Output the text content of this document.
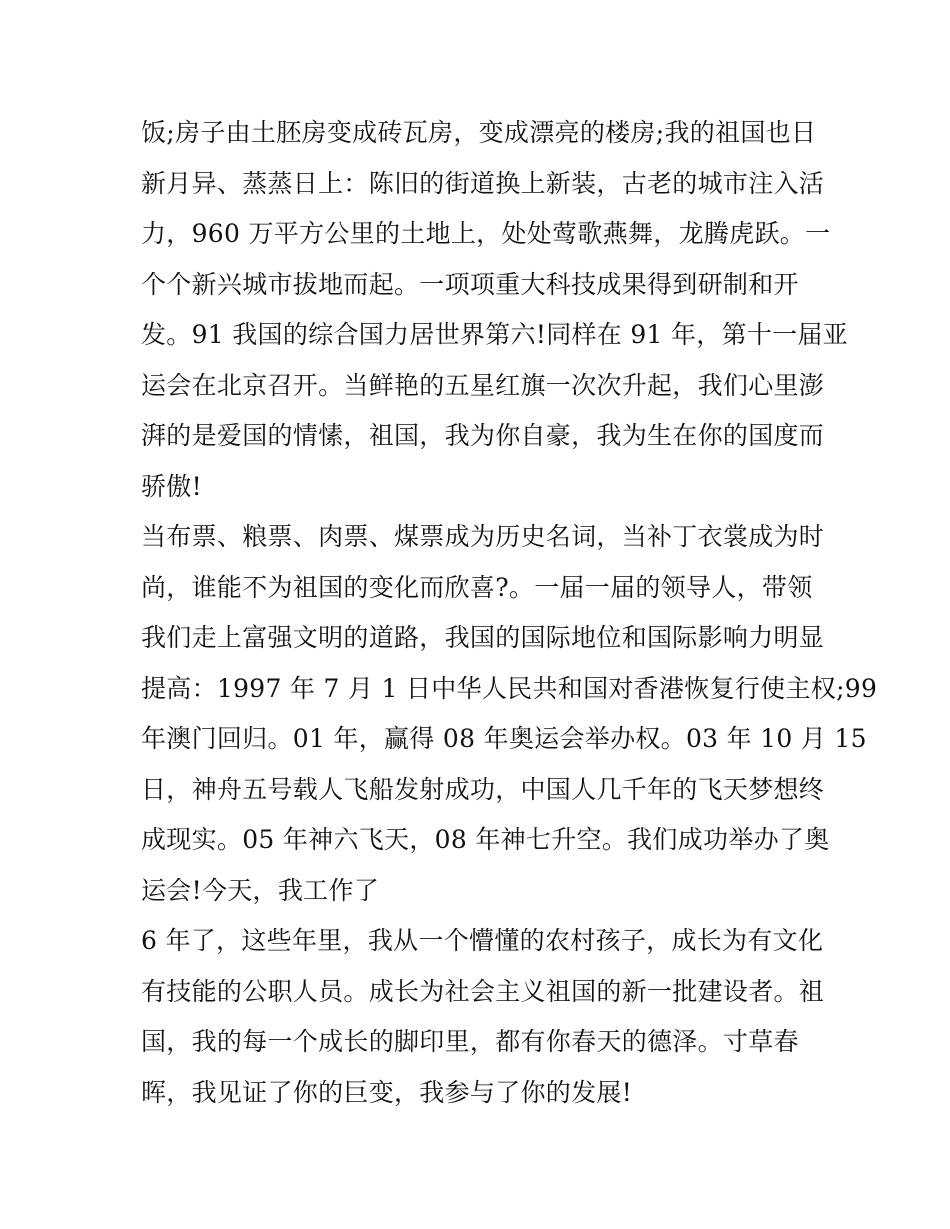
饭;房子由土胚房变成砖瓦房，变成漂亮的楼房;我的祖国也日
新月异、蒸蒸日上：陈旧的街道换上新装，古老的城市注入活
力，960 万平方公里的土地上，处处莺歌燕舞，龙腾虎跃。一
个个新兴城市拔地而起。一项项重大科技成果得到研制和开
发。91 我国的综合国力居世界第六!同样在 91 年，第十一届亚
运会在北京召开。当鲜艳的五星红旗一次次升起，我们心里澎
湃的是爱国的情愫，祖国，我为你自豪，我为生在你的国度而
骄傲!
当布票、粮票、肉票、煤票成为历史名词，当补丁衣裳成为时
尚，谁能不为祖国的变化而欣喜?。一届一届的领导人，带领
我们走上富强文明的道路，我国的国际地位和国际影响力明显
提高：1997 年 7 月 1 日中华人民共和国对香港恢复行使主权;99
年澳门回归。01 年，赢得 08 年奥运会举办权。03 年 10 月 15
日，神舟五号载人飞船发射成功，中国人几千年的飞天梦想终
成现实。05 年神六飞天，08 年神七升空。我们成功举办了奥
运会!今天，我工作了
6 年了，这些年里，我从一个懵懂的农村孩子，成长为有文化
有技能的公职人员。成长为社会主义祖国的新一批建设者。祖
国，我的每一个成长的脚印里，都有你春天的德泽。寸草春
晖，我见证了你的巨变，我参与了你的发展!
